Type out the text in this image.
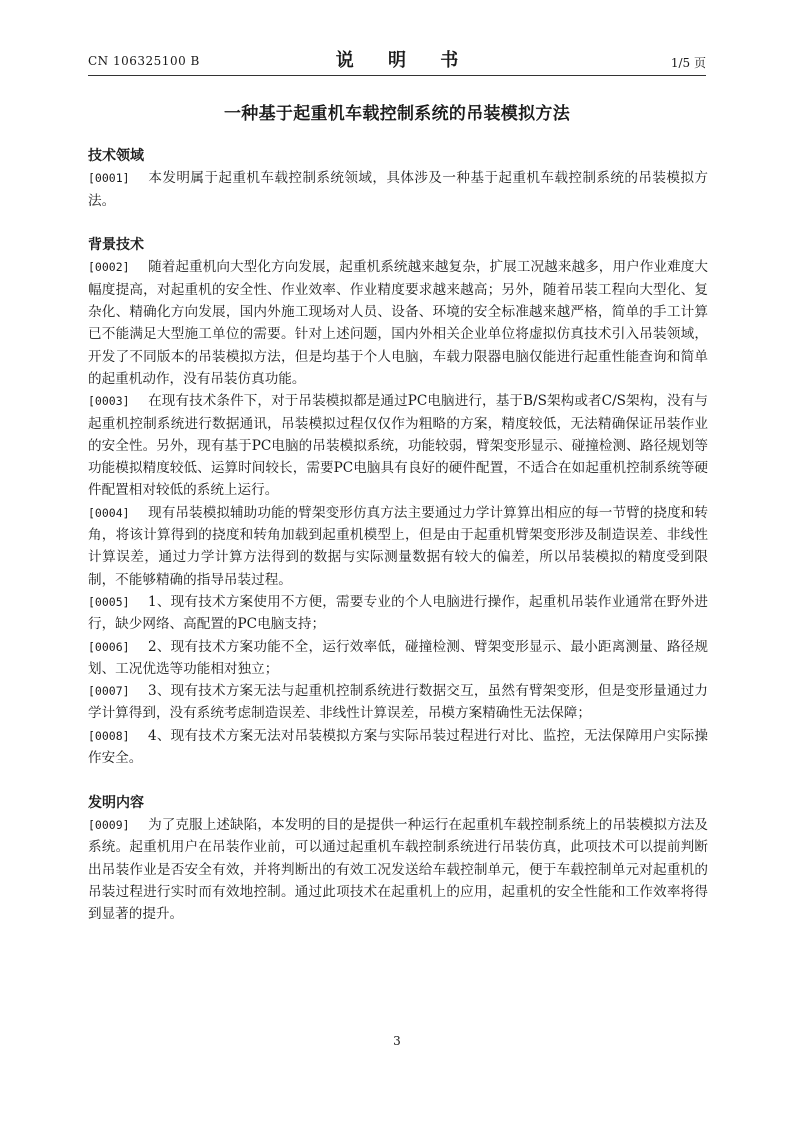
CN 106325100 B	说 明 书	1/5 页
一种基于起重机车载控制系统的吊装模拟方法
技术领域
[0001] 本发明属于起重机车载控制系统领域，具体涉及一种基于起重机车载控制系统的吊装模拟方法。
背景技术
[0002] 随着起重机向大型化方向发展，起重机系统越来越复杂，扩展工况越来越多，用户作业难度大幅度提高，对起重机的安全性、作业效率、作业精度要求越来越高；另外，随着吊装工程向大型化、复杂化、精确化方向发展，国内外施工现场对人员、设备、环境的安全标准越来越严格，简单的手工计算已不能满足大型施工单位的需要。针对上述问题，国内外相关企业单位将虚拟仿真技术引入吊装领域，开发了不同版本的吊装模拟方法，但是均基于个人电脑，车载力限器电脑仅能进行起重性能查询和简单的起重机动作，没有吊装仿真功能。
[0003] 在现有技术条件下，对于吊装模拟都是通过PC电脑进行，基于B/S架构或者C/S架构，没有与起重机控制系统进行数据通讯，吊装模拟过程仅仅作为粗略的方案，精度较低，无法精确保证吊装作业的安全性。另外，现有基于PC电脑的吊装模拟系统，功能较弱，臂架变形显示、碰撞检测、路径规划等功能模拟精度较低、运算时间较长，需要PC电脑具有良好的硬件配置，不适合在如起重机控制系统等硬件配置相对较低的系统上运行。
[0004] 现有吊装模拟辅助功能的臂架变形仿真方法主要通过力学计算算出相应的每一节臂的挠度和转角，将该计算得到的挠度和转角加载到起重机模型上，但是由于起重机臂架变形涉及制造误差、非线性计算误差，通过力学计算方法得到的数据与实际测量数据有较大的偏差，所以吊装模拟的精度受到限制，不能够精确的指导吊装过程。
[0005] 1、现有技术方案使用不方便，需要专业的个人电脑进行操作，起重机吊装作业通常在野外进行，缺少网络、高配置的PC电脑支持；
[0006] 2、现有技术方案功能不全，运行效率低，碰撞检测、臂架变形显示、最小距离测量、路径规划、工况优选等功能相对独立；
[0007] 3、现有技术方案无法与起重机控制系统进行数据交互，虽然有臂架变形，但是变形量通过力学计算得到，没有系统考虑制造误差、非线性计算误差，吊模方案精确性无法保障；
[0008] 4、现有技术方案无法对吊装模拟方案与实际吊装过程进行对比、监控，无法保障用户实际操作安全。
发明内容
[0009] 为了克服上述缺陷，本发明的目的是提供一种运行在起重机车载控制系统上的吊装模拟方法及系统。起重机用户在吊装作业前，可以通过起重机车载控制系统进行吊装仿真，此项技术可以提前判断出吊装作业是否安全有效，并将判断出的有效工况发送给车载控制单元，便于车载控制单元对起重机的吊装过程进行实时而有效地控制。通过此项技术在起重机上的应用，起重机的安全性能和工作效率将得到显著的提升。
3
